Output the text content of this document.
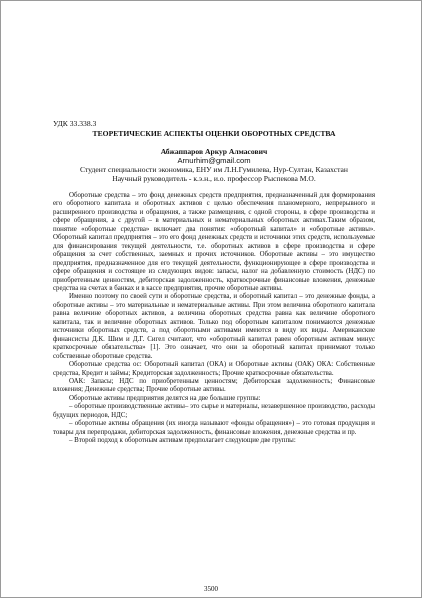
УДК 33.338.3

ТЕОРЕТИЧЕСКИЕ АСПЕКТЫ ОЦЕНКИ ОБОРОТНЫХ СРЕДСТВА

Абжаппаров Аркур Алмасович

Arnurhim@gmail.com

Студент специальности экономика, ЕНУ им Л.Н.Гумилева, Нур-Султан, Казахстан

Научный руководитель - к.э.н., и.о. профессор Рыспекова М.О.

Оборотные средства – это фонд денежных средств предприятия, предназначенный для формирования его оборотного капитала и оборотных активов с целью обеспечения планомерного, непрерывного и расширенного производства и обращения, а также размещения, с одной стороны, в сфере производства и сфере обращения, а с другой – в материальных и нематериальных оборотных активах.Таким образом, понятие «оборотные средства» включает два понятия: «оборотный капитал» и «оборотные активы». Оборотный капитал предприятия – это его фонд денежных средств и источники этих средств, используемые для финансирования текущей деятельности, т.е. оборотных активов в сфере производства и сфере обращения за счет собственных, заемных и прочих источников. Оборотные активы – это имущество предприятия, предназначенное для его текущей деятельности, функционирующее в сфере производства и сфере обращения и состоящее из следующих видов: запасы, налог на добавленную стоимость (НДС) по приобретенным ценностям, дебиторская задолженность, краткосрочные финансовые вложения, денежные средства на счетах в банках и в кассе предприятия, прочие оборотные активы.

Именно поэтому по своей сути и оборотные средства, и оборотный капитал – это денежные фонды, а оборотные активы – это материальные и нематериальные активы. При этом величина оборотного капитала равна величине оборотных активов, а величина оборотных средства равна как величине оборотного капитала, так и величине оборотных активов. Только под оборотным капиталом понимаются денежные источники оборотных средств, а под оборотными активами имеются в виду их виды. Американские финансисты Д.К. Шим и Д.Г. Сигел считают, что «оборотный капитал равен оборотным активам минус краткосрочные обязательства» [1]. Это означает, что они за оборотный капитал принимают только собственные оборотные средства.

Оборотные средства ос: Оборотный капитал (ОКА) и Оборотные активы (ОАК) ОКА: Собственные средства, Кредит и займы; Кредиторская задолженность; Прочие краткосрочные обязательства.

ОАК: Запасы; НДС по приобретенным ценностям; Дебиторская задолженность; Финансовые вложения; Денежные средства; Прочие оборотные активы.

Оборотные активы предприятия делятся на две большие группы:

– оборотные производственные активы– это сырье и материалы, незавершенное производство, расходы будущих периодов, НДС;

– оборотные активы обращения (их иногда называют «фонды обращения») – это готовая продукция и товары для перепродажи, дебиторская задолженность, финансовые вложения, денежные средства и пр.

– Второй подход к оборотным активам предполагает следующие две группы:

3500
